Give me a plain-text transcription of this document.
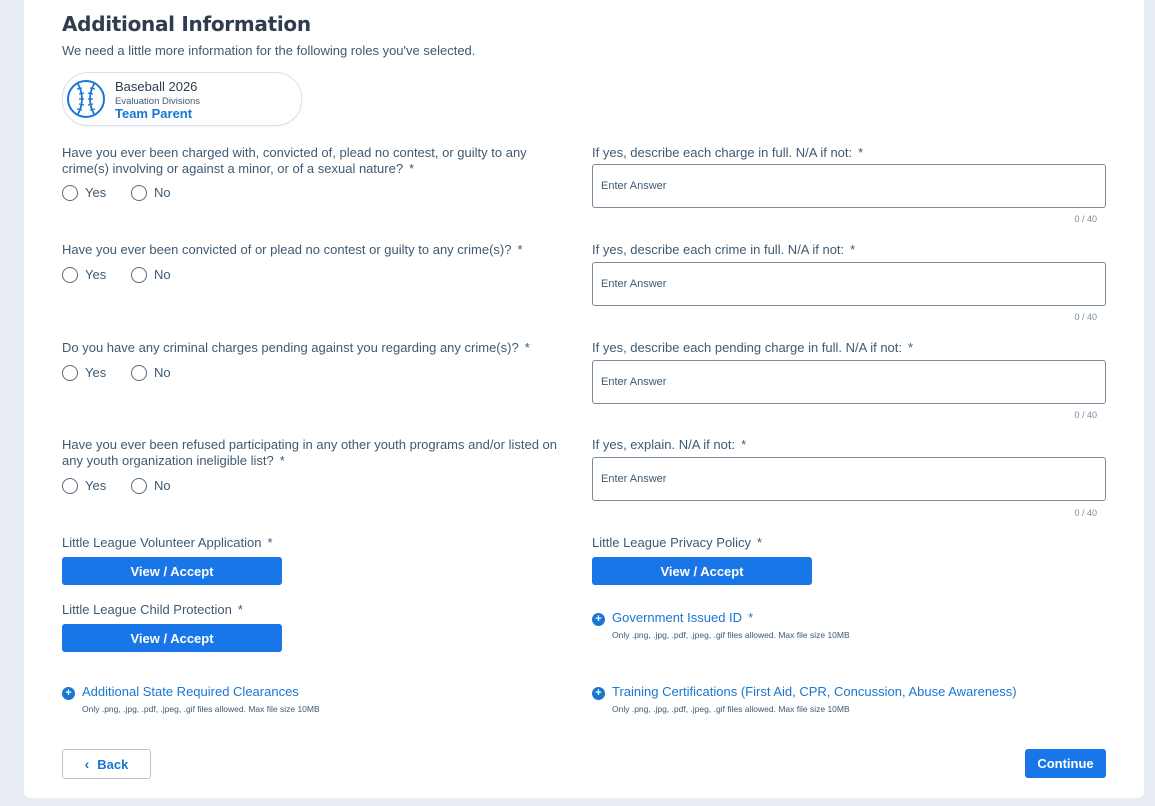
Additional Information
We need a little more information for the following roles you've selected.
Baseball 2026
Evaluation Divisions
Team Parent
Have you ever been charged with, convicted of, plead no contest, or guilty to any crime(s) involving or against a minor, or of a sexual nature? *
Yes	No
If yes, describe each charge in full. N/A if not: *
Enter Answer
0 / 40
Have you ever been convicted of or plead no contest or guilty to any crime(s)? *
Yes	No
If yes, describe each crime in full. N/A if not: *
Enter Answer
0 / 40
Do you have any criminal charges pending against you regarding any crime(s)? *
Yes	No
If yes, describe each pending charge in full. N/A if not: *
Enter Answer
0 / 40
Have you ever been refused participating in any other youth programs and/or listed on any youth organization ineligible list? *
Yes	No
If yes, explain. N/A if not: *
Enter Answer
0 / 40
Little League Volunteer Application *
View / Accept
Little League Privacy Policy *
View / Accept
Little League Child Protection *
View / Accept
+ Government Issued ID *
Only .png, .jpg, .pdf, .jpeg, .gif files allowed. Max file size 10MB
+ Additional State Required Clearances
Only .png, .jpg, .pdf, .jpeg, .gif files allowed. Max file size 10MB
+ Training Certifications (First Aid, CPR, Concussion, Abuse Awareness)
Only .png, .jpg, .pdf, .jpeg, .gif files allowed. Max file size 10MB
‹ Back	Continue
